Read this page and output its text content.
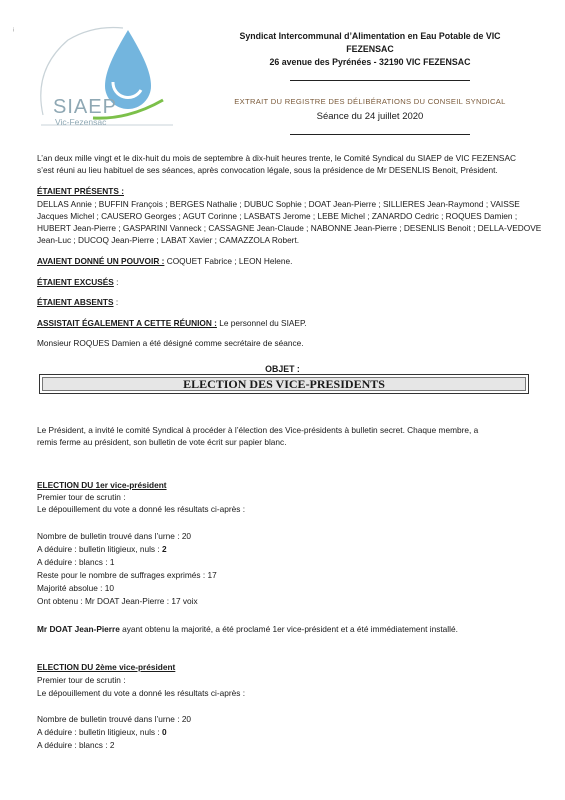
ᵢ
SIAEP
Vic-Fezensac
Syndicat Intercommunal d’Alimentation en Eau Potable de VIC
FEZENSAC
26 avenue des Pyrénées - 32190 VIC FEZENSAC
EXTRAIT DU REGISTRE DES DÉLIBÉRATIONS DU CONSEIL SYNDICAL
Séance du 24 juillet 2020
L’an deux mille vingt et le dix-huit du mois de septembre à dix-huit heures trente, le Comité Syndical du SIAEP de VIC FEZENSAC
s’est réuni au lieu habituel de ses séances, après convocation légale, sous la présidence de Mr DESENLIS Benoit, Président.
ÉTAIENT PRÉSENTS :
DELLAS Annie ; BUFFIN François ; BERGES Nathalie ; DUBUC Sophie ; DOAT Jean-Pierre ; SILLIERES Jean-Raymond ; VAISSE
Jacques Michel ; CAUSERO Georges ; AGUT Corinne ; LASBATS Jerome ; LEBE Michel ; ZANARDO Cedric ; ROQUES Damien ;
HUBERT Jean-Pierre ; GASPARINI Vanneck ; CASSAGNE Jean-Claude ; NABONNE Jean-Pierre ; DESENLIS Benoit ; DELLA-VEDOVE
Jean-Luc ; DUCOQ Jean-Pierre ; LABAT Xavier ; CAMAZZOLA Robert.
AVAIENT DONNÉ UN POUVOIR : COQUET Fabrice ; LEON Helene.
ÉTAIENT EXCUSÉS :
ÉTAIENT ABSENTS :
ASSISTAIT ÉGALEMENT A CETTE RÉUNION : Le personnel du SIAEP.
Monsieur ROQUES Damien a été désigné comme secrétaire de séance.
OBJET :
ELECTION DES VICE-PRESIDENTS
Le Président, a invité le comité Syndical à procéder à l’élection des Vice-présidents à bulletin secret. Chaque membre, a
remis ferme au président, son bulletin de vote écrit sur papier blanc.
ELECTION DU 1er vice-président
Premier tour de scrutin :
Le dépouillement du vote a donné les résultats ci-après :
Nombre de bulletin trouvé dans l’urne : 20
A déduire : bulletin litigieux, nuls : 2
A déduire : blancs : 1
Reste pour le nombre de suffrages exprimés : 17
Majorité absolue : 10
Ont obtenu : Mr DOAT Jean-Pierre : 17 voix
Mr DOAT Jean-Pierre ayant obtenu la majorité, a été proclamé 1er vice-président et a été immédiatement installé.
ELECTION DU 2ème vice-président
Premier tour de scrutin :
Le dépouillement du vote a donné les résultats ci-après :
Nombre de bulletin trouvé dans l’urne : 20
A déduire : bulletin litigieux, nuls : 0
A déduire : blancs : 2
